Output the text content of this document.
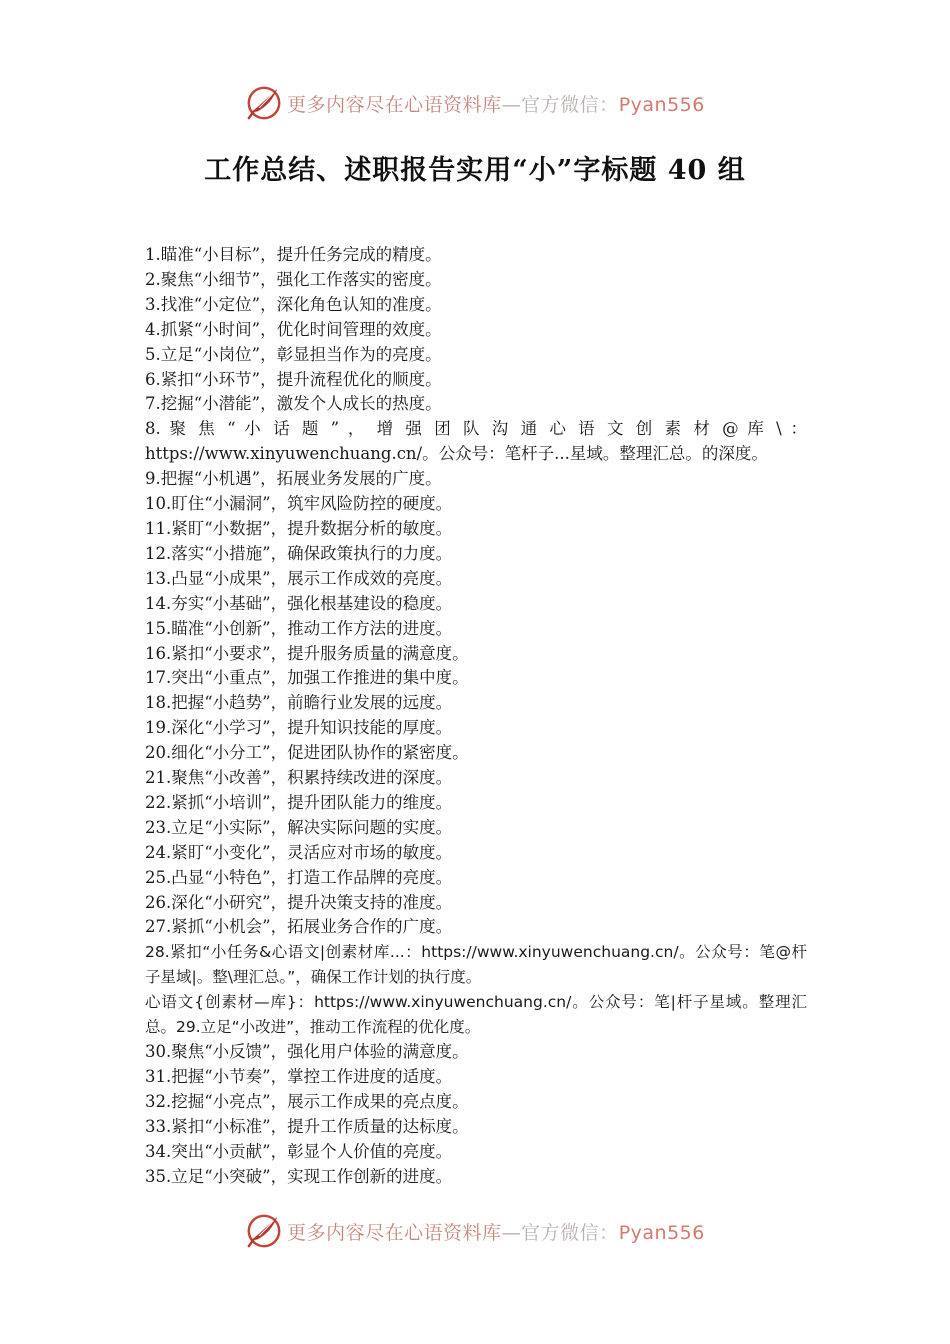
更多内容尽在心语资料库—官方微信：Pyan556
工作总结、述职报告实用“小”字标题 40 组
1.瞄准“小目标”，提升任务完成的精度。
2.聚焦“小细节”，强化工作落实的密度。
3.找准“小定位”，深化角色认知的准度。
4.抓紧“小时间”，优化时间管理的效度。
5.立足“小岗位”，彰显担当作为的亮度。
6.紧扣“小环节”，提升流程优化的顺度。
7.挖掘“小潜能”，激发个人成长的热度。
8. 聚 焦 “ 小 话 题 ” ， 增 强 团 队 沟 通 心 语 文 创 素 材 @ 库 \ ： https://www.xinyuwenchuang.cn/。公众号：笔杆子...星域。整理汇总。的深度。
9.把握“小机遇”，拓展业务发展的广度。
10.盯住“小漏洞”，筑牢风险防控的硬度。
11.紧盯“小数据”，提升数据分析的敏度。
12.落实“小措施”，确保政策执行的力度。
13.凸显“小成果”，展示工作成效的亮度。
14.夯实“小基础”，强化根基建设的稳度。
15.瞄准“小创新”，推动工作方法的进度。
16.紧扣“小要求”，提升服务质量的满意度。
17.突出“小重点”，加强工作推进的集中度。
18.把握“小趋势”，前瞻行业发展的远度。
19.深化“小学习”，提升知识技能的厚度。
20.细化“小分工”，促进团队协作的紧密度。
21.聚焦“小改善”，积累持续改进的深度。
22.紧抓“小培训”，提升团队能力的维度。
23.立足“小实际”，解决实际问题的实度。
24.紧盯“小变化”，灵活应对市场的敏度。
25.凸显“小特色”，打造工作品牌的亮度。
26.深化“小研究”，提升决策支持的准度。
27.紧抓“小机会”，拓展业务合作的广度。
28.紧扣“小任务&心语文|创素材库...：https://www.xinyuwenchuang.cn/。公众号：笔@杆子星域|。整\理汇总。”，确保工作计划的执行度。
心语文{创素材—库}：https://www.xinyuwenchuang.cn/。公众号：笔|杆子星域。整理汇总。29.立足“小改进”，推动工作流程的优化度。
30.聚焦“小反馈”，强化用户体验的满意度。
31.把握“小节奏”，掌控工作进度的适度。
32.挖掘“小亮点”，展示工作成果的亮点度。
33.紧扣“小标准”，提升工作质量的达标度。
34.突出“小贡献”，彰显个人价值的亮度。
35.立足“小突破”，实现工作创新的进度。
更多内容尽在心语资料库—官方微信：Pyan556
